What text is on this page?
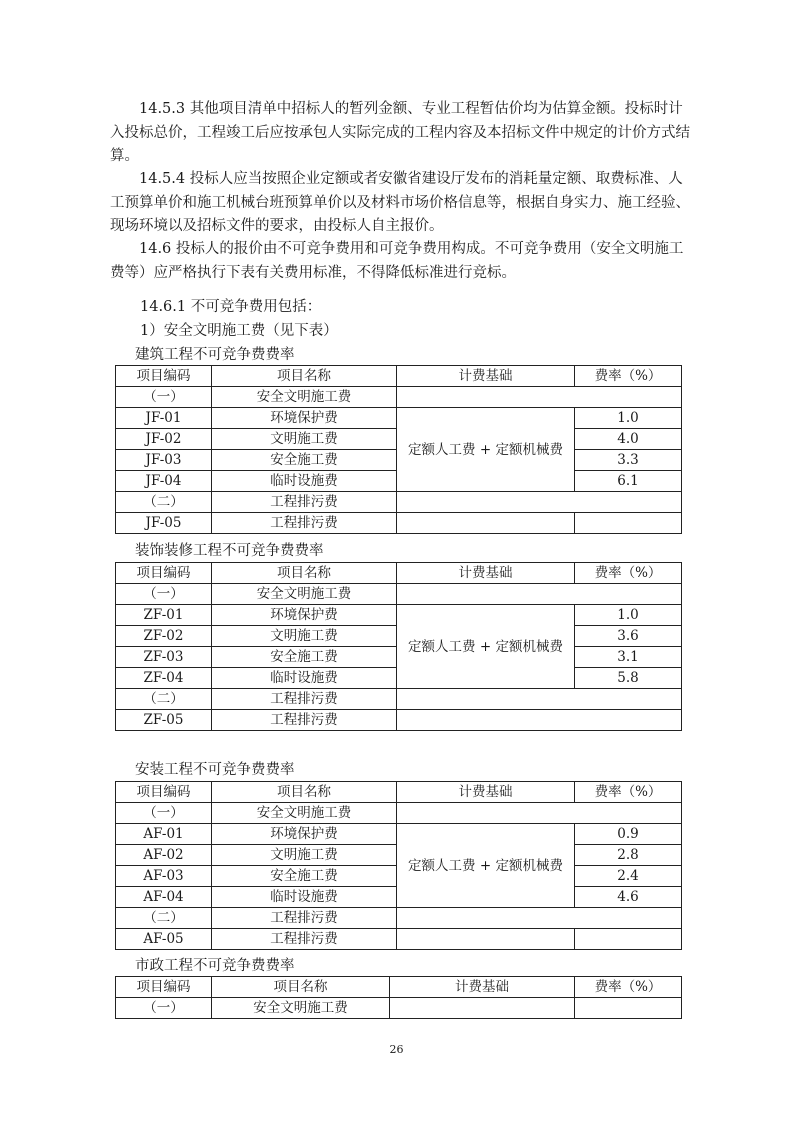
14.5.3 其他项目清单中招标人的暂列金额、专业工程暂估价均为估算金额。投标时计入投标总价，工程竣工后应按承包人实际完成的工程内容及本招标文件中规定的计价方式结算。

14.5.4 投标人应当按照企业定额或者安徽省建设厅发布的消耗量定额、取费标准、人工预算单价和施工机械台班预算单价以及材料市场价格信息等，根据自身实力、施工经验、现场环境以及招标文件的要求，由投标人自主报价。

14.6 投标人的报价由不可竞争费用和可竞争费用构成。不可竞争费用（安全文明施工费等）应严格执行下表有关费用标准，不得降低标准进行竞标。

14.6.1 不可竞争费用包括：
1）安全文明施工费（见下表）
建筑工程不可竞争费费率
项目编码	项目名称	计费基础	费率（%）
（一）	安全文明施工费		
JF-01	环境保护费	定额人工费 + 定额机械费	1.0
JF-02	文明施工费		4.0
JF-03	安全施工费		3.3
JF-04	临时设施费		6.1
（二）	工程排污费		
JF-05	工程排污费		
装饰装修工程不可竞争费费率
项目编码	项目名称	计费基础	费率（%）
（一）	安全文明施工费		
ZF-01	环境保护费	定额人工费 + 定额机械费	1.0
ZF-02	文明施工费		3.6
ZF-03	安全施工费		3.1
ZF-04	临时设施费		5.8
（二）	工程排污费		
ZF-05	工程排污费		
安装工程不可竞争费费率
项目编码	项目名称	计费基础	费率（%）
（一）	安全文明施工费		
AF-01	环境保护费	定额人工费 + 定额机械费	0.9
AF-02	文明施工费		2.8
AF-03	安全施工费		2.4
AF-04	临时设施费		4.6
（二）	工程排污费		
AF-05	工程排污费		
市政工程不可竞争费费率
项目编码	项目名称	计费基础	费率（%）
（一）	安全文明施工费		
26
